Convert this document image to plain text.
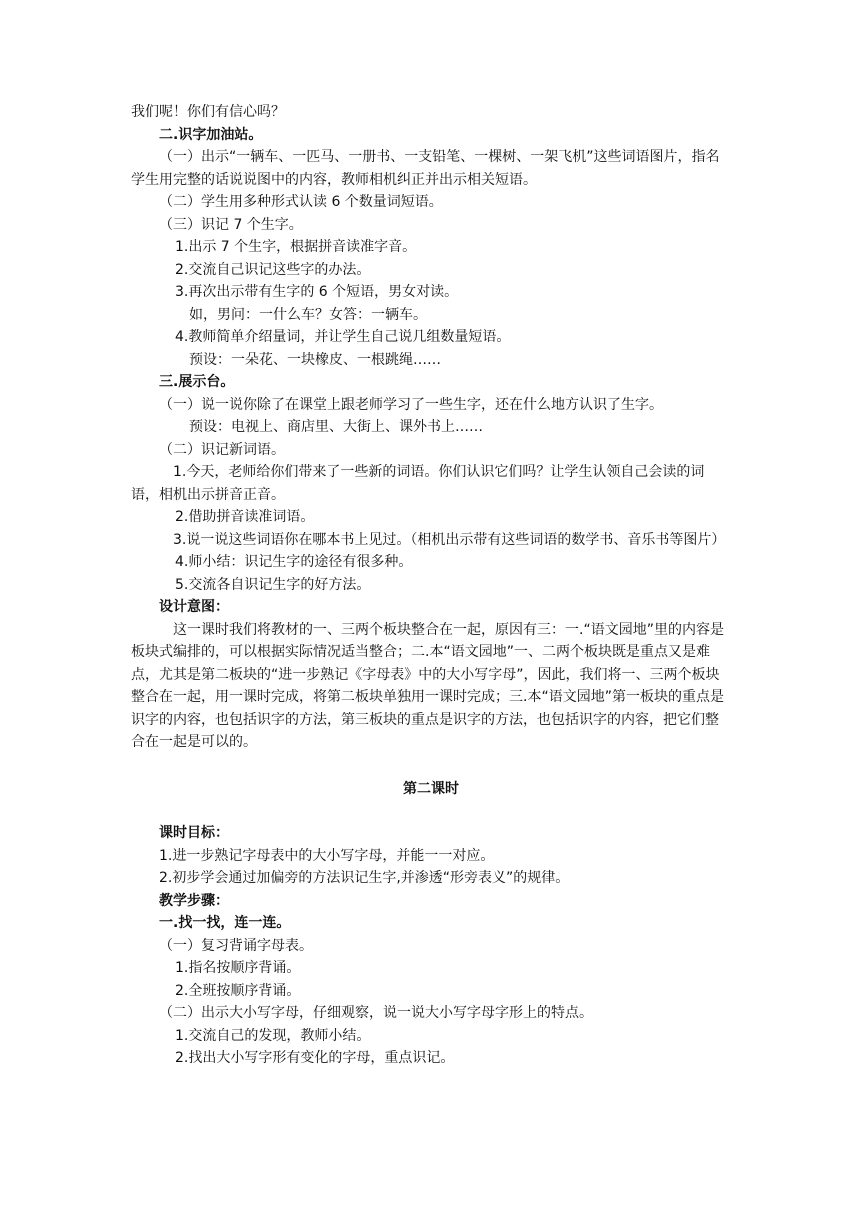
我们呢！你们有信心吗？

二.识字加油站。

（一）出示“一辆车、一匹马、一册书、一支铅笔、一棵树、一架飞机”这些词语图片，指名学生用完整的话说说图中的内容，教师相机纠正并出示相关短语。

（二）学生用多种形式认读 6 个数量词短语。

（三）识记 7 个生字。

1.出示 7 个生字，根据拼音读准字音。

2.交流自己识记这些字的办法。

3.再次出示带有生字的 6 个短语，男女对读。

如，男问：一什么车？女答：一辆车。

4.教师简单介绍量词，并让学生自己说几组数量短语。

预设：一朵花、一块橡皮、一根跳绳……

三.展示台。

（一）说一说你除了在课堂上跟老师学习了一些生字，还在什么地方认识了生字。

预设：电视上、商店里、大街上、课外书上……

（二）识记新词语。

1.今天，老师给你们带来了一些新的词语。你们认识它们吗？让学生认领自己会读的词语，相机出示拼音正音。

2.借助拼音读准词语。

3.说一说这些词语你在哪本书上见过。（相机出示带有这些词语的数学书、音乐书等图片）

4.师小结：识记生字的途径有很多种。

5.交流各自识记生字的好方法。

设计意图：

这一课时我们将教材的一、三两个板块整合在一起，原因有三：一.“语文园地”里的内容是板块式编排的，可以根据实际情况适当整合；二.本“语文园地”一、二两个板块既是重点又是难点，尤其是第二板块的“进一步熟记《字母表》中的大小写字母”，因此，我们将一、三两个板块整合在一起，用一课时完成，将第二板块单独用一课时完成；三.本“语文园地”第一板块的重点是识字的内容，也包括识字的方法，第三板块的重点是识字的方法，也包括识字的内容，把它们整合在一起是可以的。

第二课时

课时目标：

1.进一步熟记字母表中的大小写字母，并能一一对应。

2.初步学会通过加偏旁的方法识记生字,并渗透“形旁表义”的规律。

教学步骤：

一.找一找，连一连。

（一）复习背诵字母表。

1.指名按顺序背诵。

2.全班按顺序背诵。

（二）出示大小写字母，仔细观察，说一说大小写字母字形上的特点。

1.交流自己的发现，教师小结。

2.找出大小写字形有变化的字母，重点识记。
